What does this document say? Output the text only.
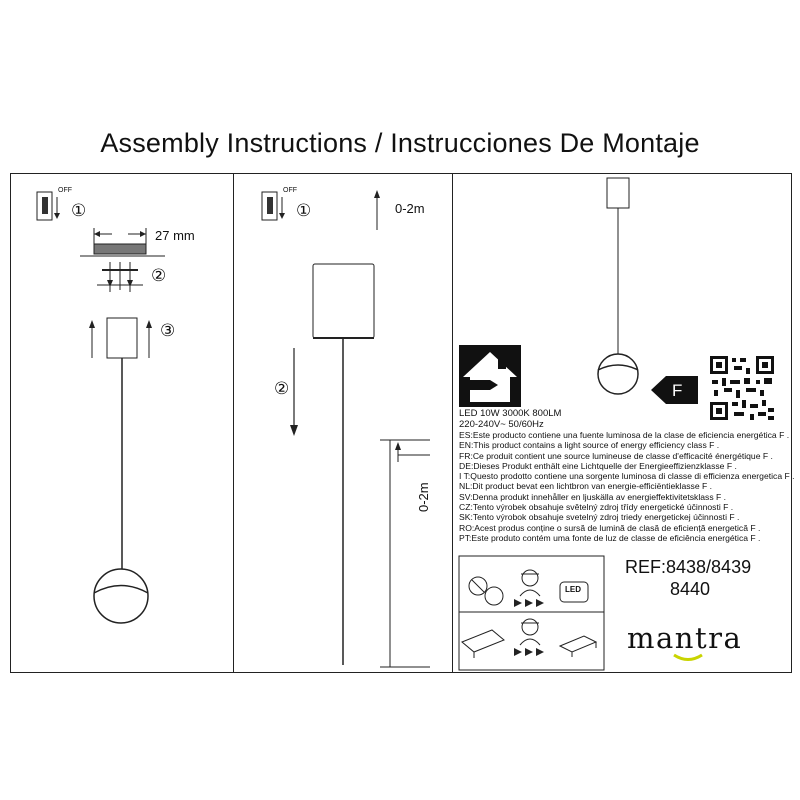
Assembly Instructions / Instrucciones De Montaje
OFF
①
27 mm
②
③
OFF
①	0-2m
②
0-2m
F
LED 10W 3000K 800LM
220-240V~ 50/60Hz
ES:Este producto contiene una fuente luminosa de la clase de eficiencia energética F .
EN:This product contains a light source of energy efficiency class F .
FR:Ce produit contient une source lumineuse de classe d'efficacité énergétique F .
DE:Dieses Produkt enthält eine Lichtquelle der Energieeffizienzklasse F .
I T:Questo prodotto contiene una sorgente luminosa di classe di efficienza energetica F .
NL:Dit product bevat een lichtbron van energie-efficiëntieklasse F .
SV:Denna produkt innehåller en ljuskälla av energieffektivitetsklass F .
CZ:Tento výrobek obsahuje světelný zdroj třídy energetické účinnosti F .
SK:Tento výrobok obsahuje svetelný zdroj triedy energetickej účinnosti F .
RO:Acest produs conține o sursă de lumină de clasă de eficiență energetică F .
PT:Este produto contém uma fonte de luz de classe de eficiência energética F .
LED
REF:8438/8439
8440
mantra
